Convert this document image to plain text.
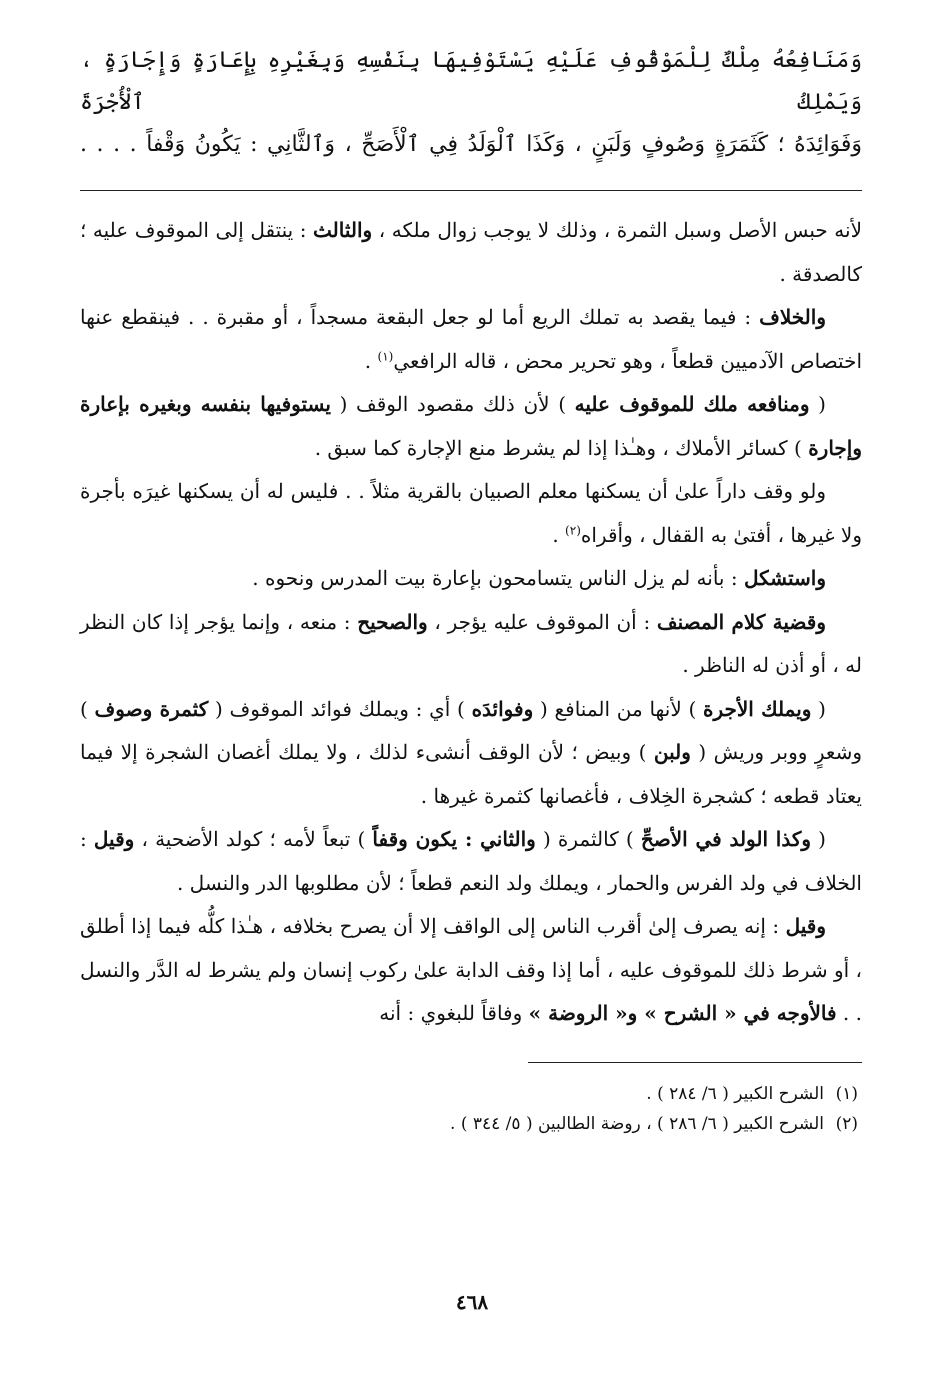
وَمَنَافِعُهُ مِلْكٌ لِلْمَوْقُوفِ عَلَيْهِ يَسْتَوْفِيهَا بِنَفْسِهِ وَبِغَيْرِهِ بِإِعَارَةٍ وَإِجَارَةٍ ، وَيَمْلِكُ ٱلْأُجْرَةَ

وَفَوَائِدَهُ ؛ كَثَمَرَةٍ وَصُوفٍ وَلَبَنٍ ، وَكَذَا ٱلْوَلَدُ فِي ٱلْأَصَحِّ ، وَٱلثَّانِي : يَكُونُ وَقْفاً . . . .

لأنه حبس الأصل وسبل الثمرة ، وذلك لا يوجب زوال ملكه ، والثالث : ينتقل إلى الموقوف عليه ؛ كالصدقة .

والخلاف : فيما يقصد به تملك الريع أما لو جعل البقعة مسجداً ، أو مقبرة . . فينقطع عنها اختصاص الآدميين قطعاً ، وهو تحرير محض ، قاله الرافعي$^{(١)}$ .

( ومنافعه ملك للموقوف عليه ) لأن ذلك مقصود الوقف ( يستوفيها بنفسه وبغيره بإعارة وإجارة ) كسائر الأملاك ، وهـٰذا إذا لم يشرط منع الإجارة كما سبق .

ولو وقف داراً علىٰ أن يسكنها معلم الصبيان بالقرية مثلاً . . فليس له أن يسكنها غيرَه بأجرة ولا غيرها ، أفتىٰ به القفال ، وأقراه$^{(٢)}$ .

واستشكل : بأنه لم يزل الناس يتسامحون بإعارة بيت المدرس ونحوه .

وقضية كلام المصنف : أن الموقوف عليه يؤجر ، والصحيح : منعه ، وإنما يؤجر إذا كان النظر له ، أو أذن له الناظر .

( ويملك الأجرة ) لأنها من المنافع ( وفوائدَه ) أي : ويملك فوائد الموقوف ( كثمرة وصوف ) وشعرٍ ووبر وريش ( ولبن ) وبيض ؛ لأن الوقف أنشىء لذلك ، ولا يملك أغصان الشجرة إلا فيما يعتاد قطعه ؛ كشجرة الخِلاف ، فأغصانها كثمرة غيرها .

( وكذا الولد في الأصحِّ ) كالثمرة ( والثاني : يكون وقفاً ) تبعاً لأمه ؛ كولد الأضحية ، وقيل : الخلاف في ولد الفرس والحمار ، ويملك ولد النعم قطعاً ؛ لأن مطلوبها الدر والنسل .

وقيل : إنه يصرف إلىٰ أقرب الناس إلى الواقف إلا أن يصرح بخلافه ، هـٰذا كلُّه فيما إذا أطلق ، أو شرط ذلك للموقوف عليه ، أما إذا وقف الدابة علىٰ ركوب إنسان ولم يشرط له الدَّر والنسل . . فالأوجه في « الشرح » و« الروضة » وفاقاً للبغوي : أنه

(١)الشرح الكبير ( ٦/ ٢٨٤ ) .

(٢)الشرح الكبير ( ٦/ ٢٨٦ ) ، روضة الطالبين ( ٥/ ٣٤٤ ) .

٤٦٨
